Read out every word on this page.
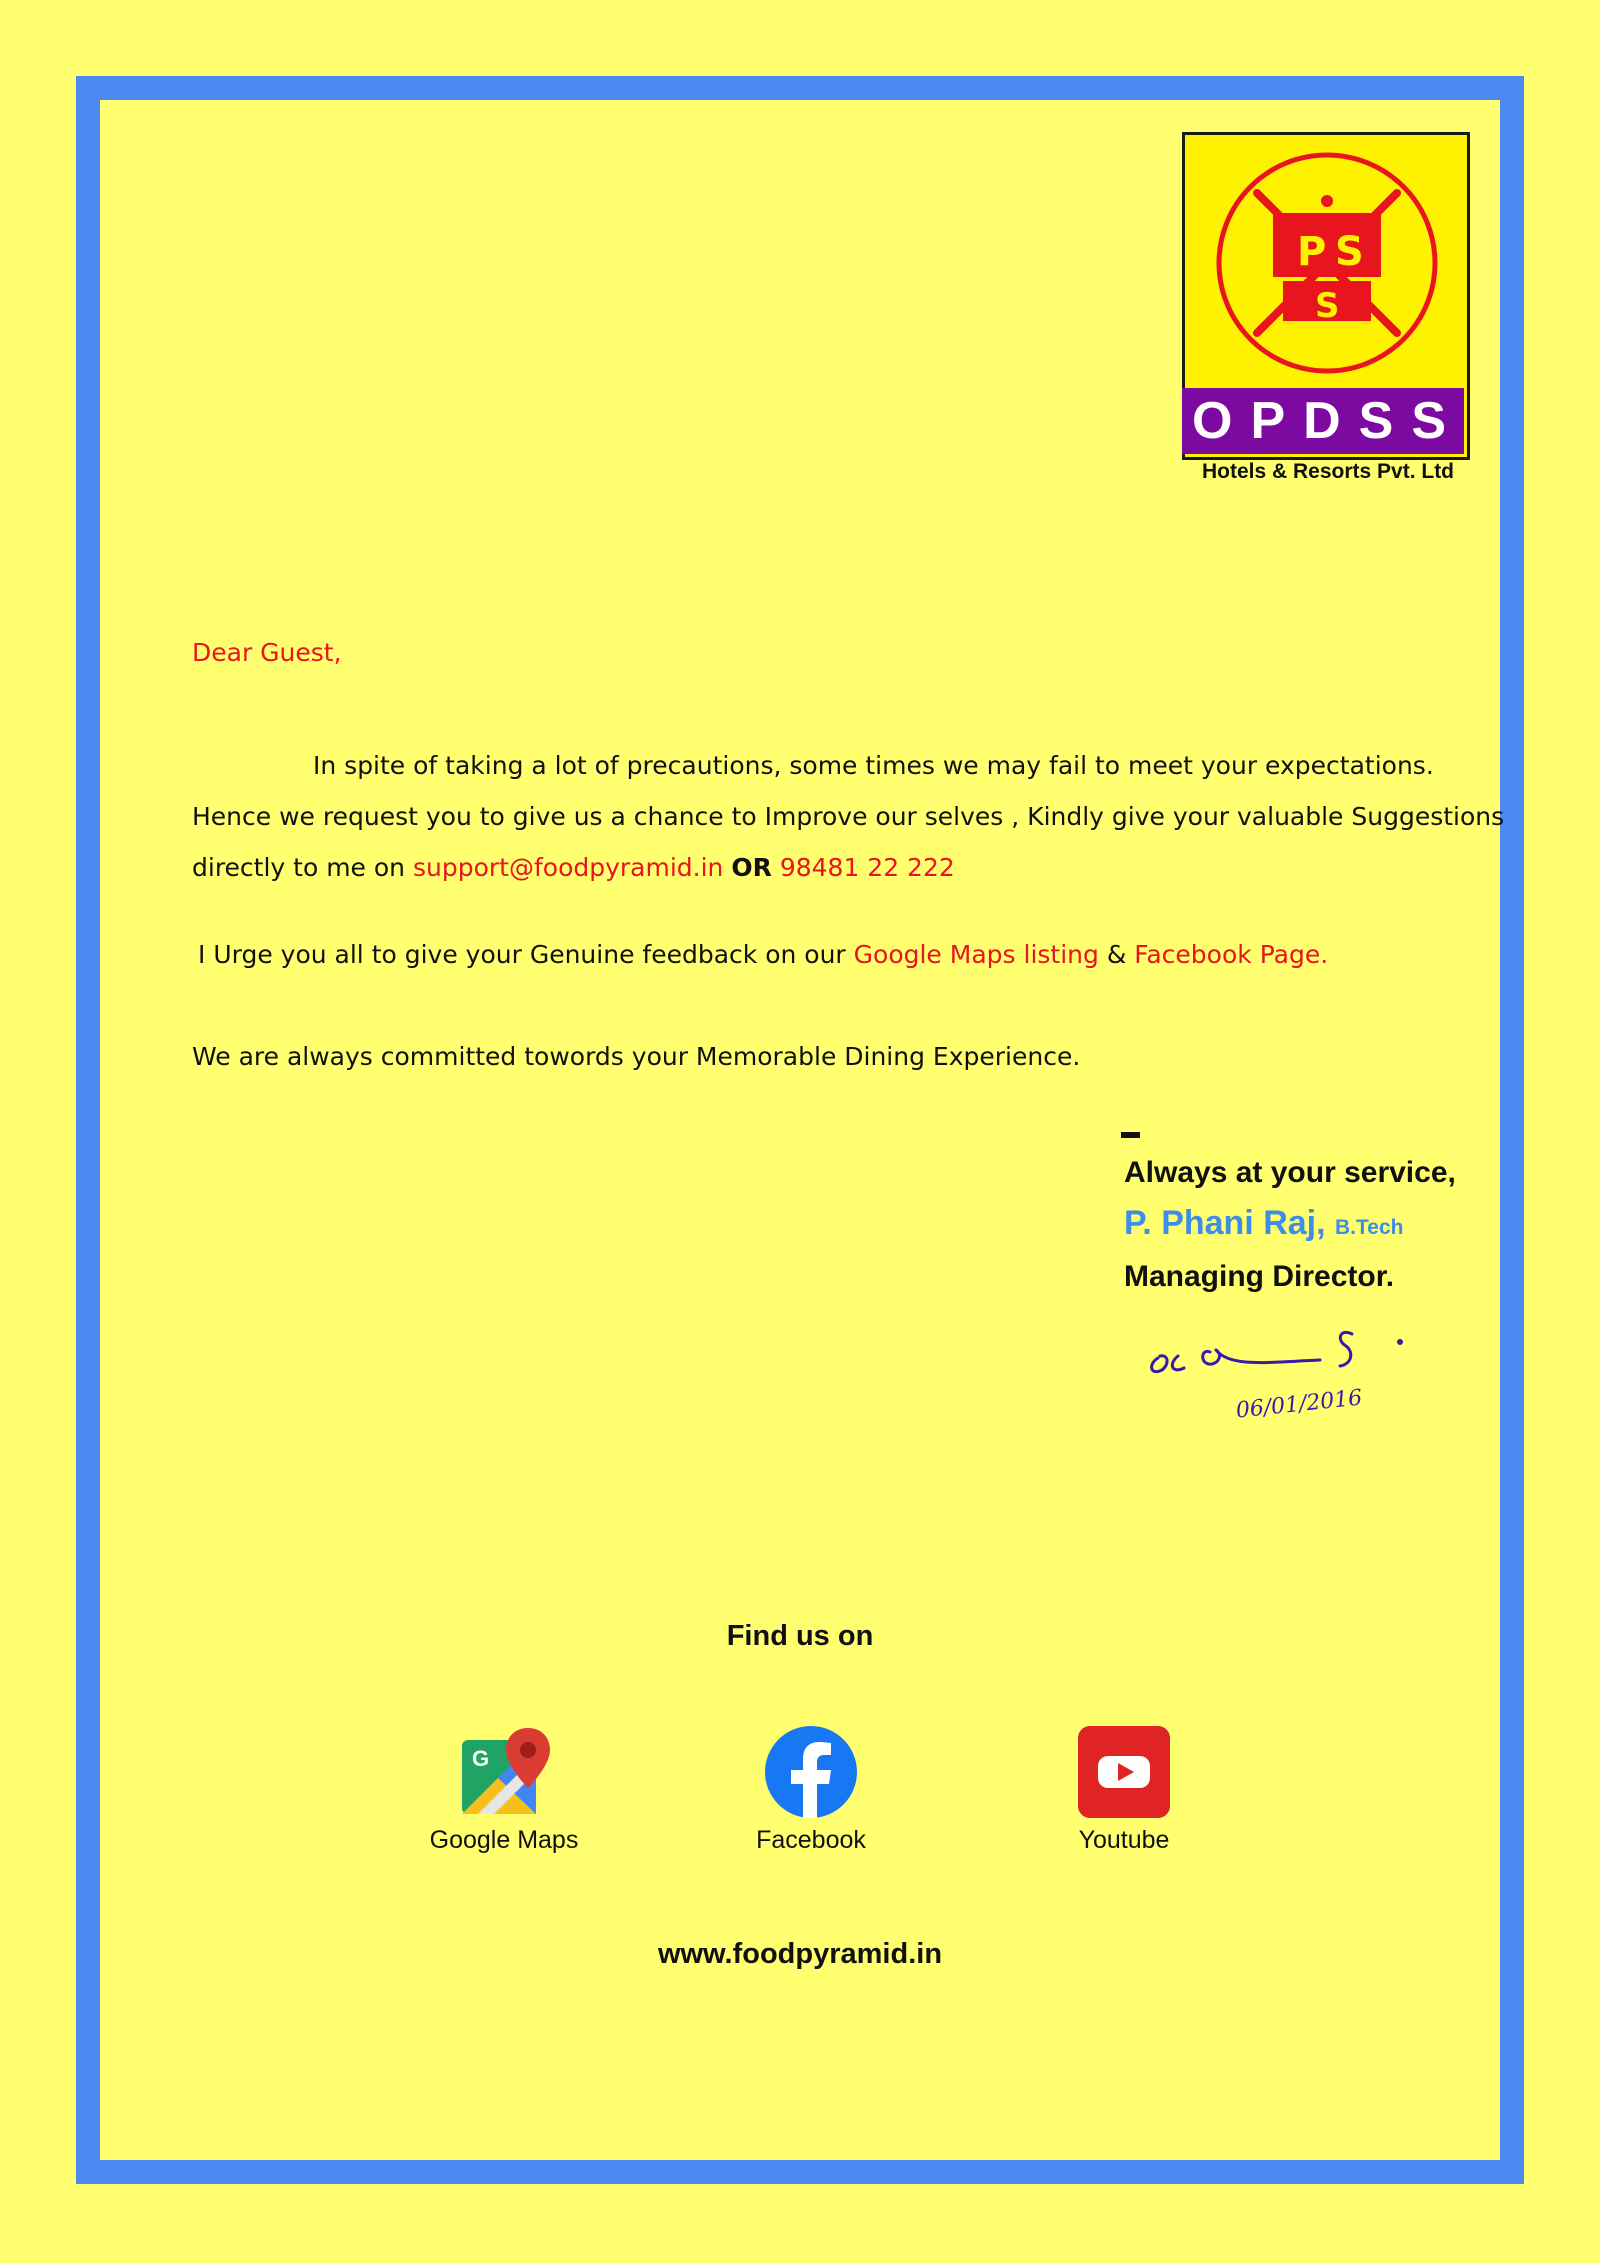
P S
S
OPDSS
Hotels & Resorts Pvt. Ltd
Dear Guest,
In spite of taking a lot of precautions, some times we may fail to meet your expectations.
Hence we request you to give us a chance to Improve our selves , Kindly give your valuable Suggestions
directly to me on support@foodpyramid.in OR 98481 22 222
I Urge you all to give your Genuine feedback on our Google Maps listing & Facebook Page.
We are always committed towords your Memorable Dining Experience.
Always at your service,
P. Phani Raj, B.Tech
Managing Director.
06/01/2016
Find us on
G
Google Maps	Facebook	Youtube
www.foodpyramid.in
